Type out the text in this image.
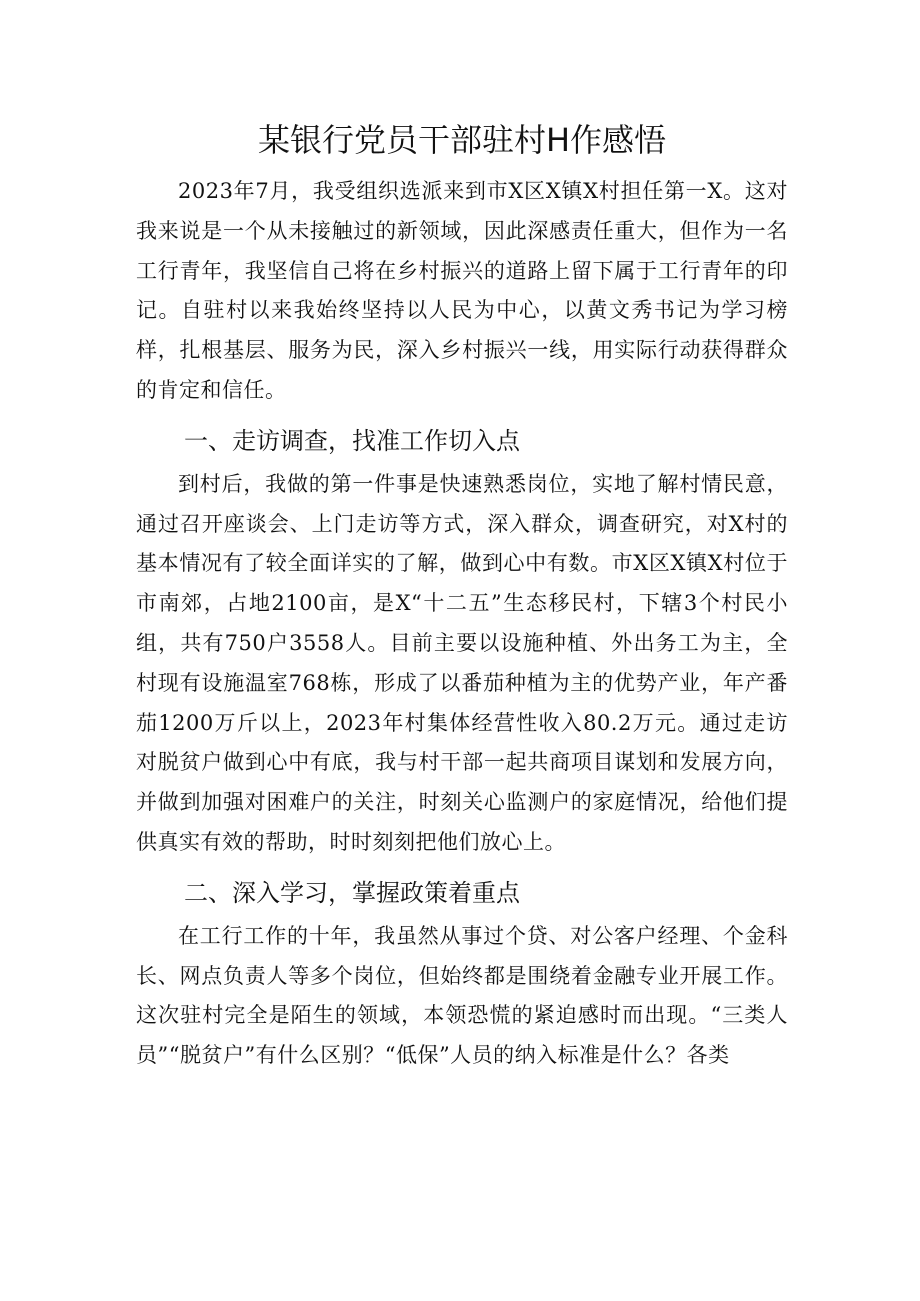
某银行党员干部驻村H作感悟

2023年7月，我受组织选派来到市X区X镇X村担任第一X。这对我来说是一个从未接触过的新领域，因此深感责任重大，但作为一名工行青年，我坚信自己将在乡村振兴的道路上留下属于工行青年的印记。自驻村以来我始终坚持以人民为中心，以黄文秀书记为学习榜样，扎根基层、服务为民，深入乡村振兴一线，用实际行动获得群众的肯定和信任。

一、走访调查，找准工作切入点

到村后，我做的第一件事是快速熟悉岗位，实地了解村情民意，通过召开座谈会、上门走访等方式，深入群众，调查研究，对X村的基本情况有了较全面详实的了解，做到心中有数。市X区X镇X村位于市南郊，占地2100亩，是X“十二五”生态移民村，下辖3个村民小组，共有750户3558人。目前主要以设施种植、外出务工为主，全村现有设施温室768栋，形成了以番茄种植为主的优势产业，年产番茄1200万斤以上，2023年村集体经营性收入80.2万元。通过走访对脱贫户做到心中有底，我与村干部一起共商项目谋划和发展方向，并做到加强对困难户的关注，时刻关心监测户的家庭情况，给他们提供真实有效的帮助，时时刻刻把他们放心上。

二、深入学习，掌握政策着重点

在工行工作的十年，我虽然从事过个贷、对公客户经理、个金科长、网点负责人等多个岗位，但始终都是围绕着金融专业开展工作。这次驻村完全是陌生的领域，本领恐慌的紧迫感时而出现。“三类人员”“脱贫户”有什么区别？“低保”人员的纳入标准是什么？各类
